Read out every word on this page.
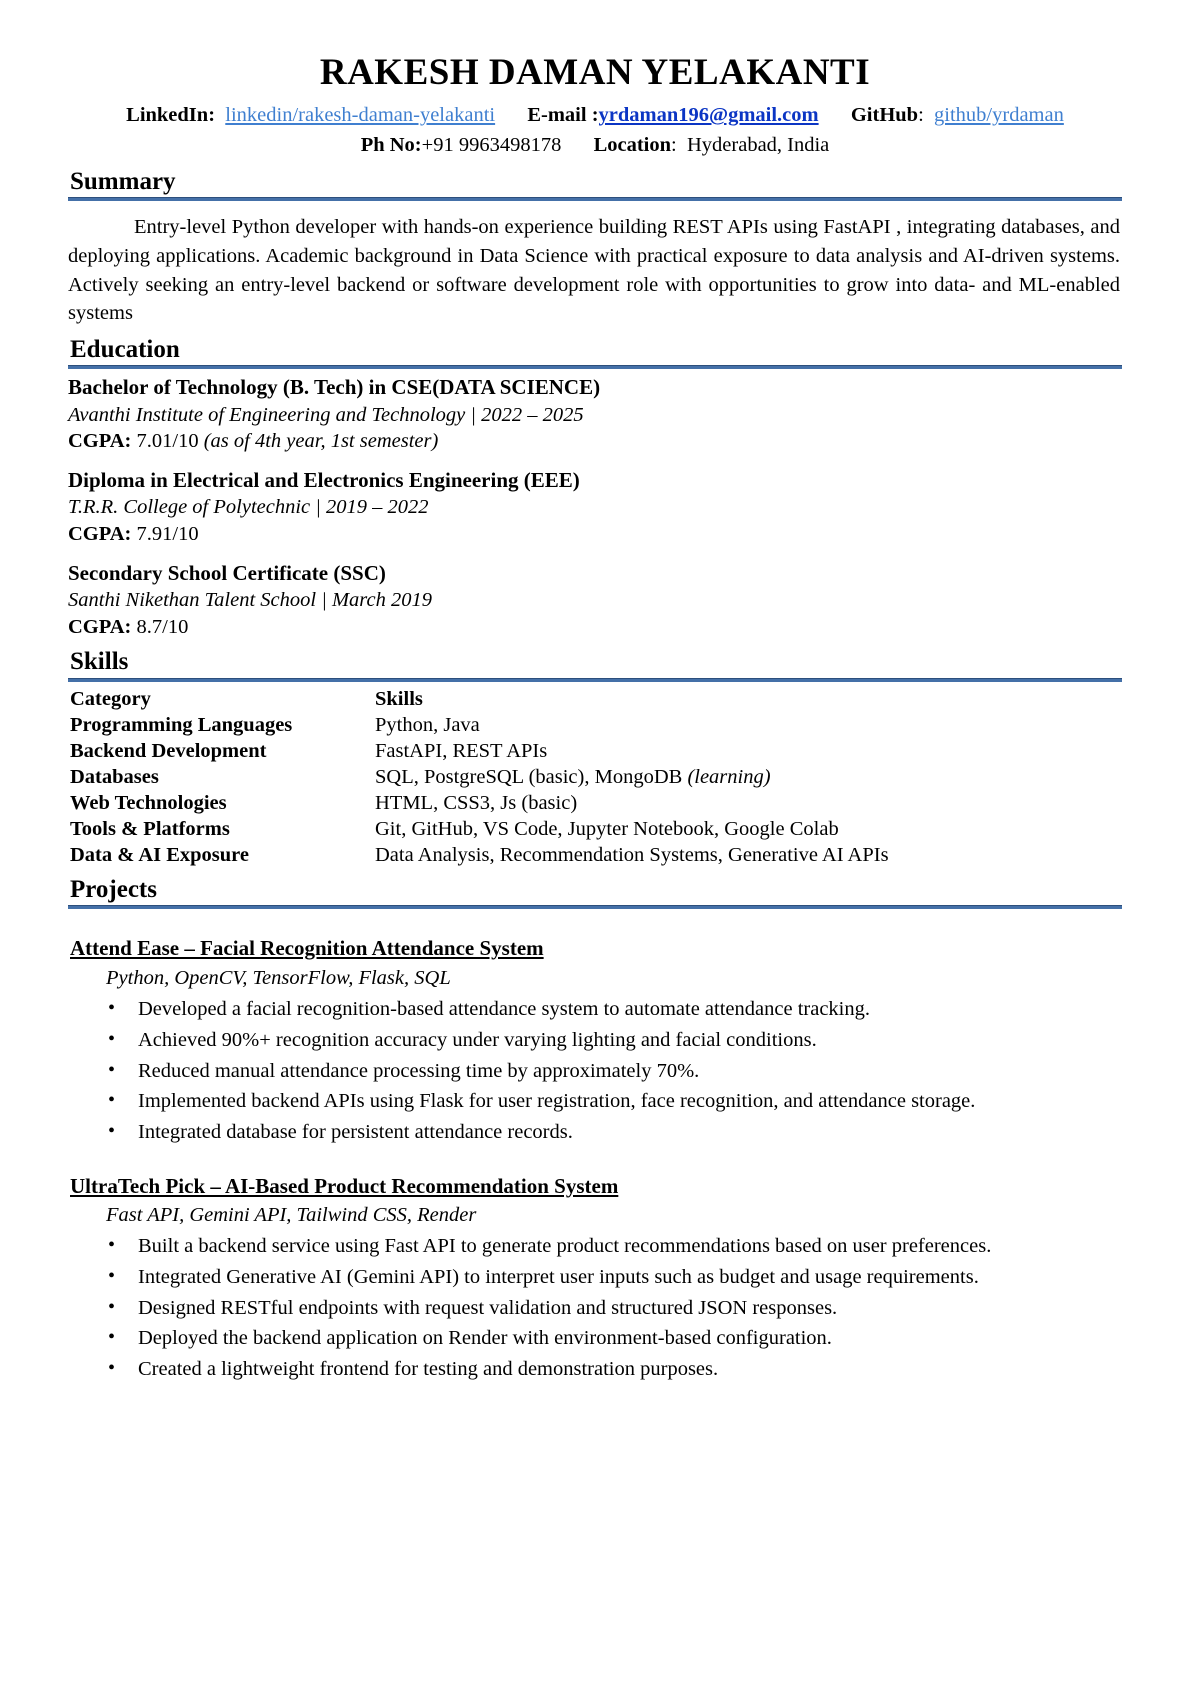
RAKESH DAMAN YELAKANTI
LinkedIn: linkedin/rakesh-daman-yelakanti E-mail :yrdaman196@gmail.com GitHub: github/yrdaman
Ph No:+91 9963498178 Location: Hyderabad, India
Summary
Entry-level Python developer with hands-on experience building REST APIs using FastAPI , integrating databases, and deploying applications. Academic background in Data Science with practical exposure to data analysis and AI-driven systems. Actively seeking an entry-level backend or software development role with opportunities to grow into data- and ML-enabled systems
Education
Bachelor of Technology (B. Tech) in CSE(DATA SCIENCE)
Avanthi Institute of Engineering and Technology | 2022 – 2025
CGPA: 7.01/10 (as of 4th year, 1st semester)
Diploma in Electrical and Electronics Engineering (EEE)
T.R.R. College of Polytechnic | 2019 – 2022
CGPA: 7.91/10
Secondary School Certificate (SSC)
Santhi Nikethan Talent School | March 2019
CGPA: 8.7/10
Skills
Category	Skills
Programming Languages	Python, Java
Backend Development	FastAPI, REST APIs
Databases	SQL, PostgreSQL (basic), MongoDB (learning)
Web Technologies	HTML, CSS3, Js (basic)
Tools & Platforms	Git, GitHub, VS Code, Jupyter Notebook, Google Colab
Data & AI Exposure	Data Analysis, Recommendation Systems, Generative AI APIs
Projects
Attend Ease – Facial Recognition Attendance System
Python, OpenCV, TensorFlow, Flask, SQL
• Developed a facial recognition-based attendance system to automate attendance tracking.
• Achieved 90%+ recognition accuracy under varying lighting and facial conditions.
• Reduced manual attendance processing time by approximately 70%.
• Implemented backend APIs using Flask for user registration, face recognition, and attendance storage.
• Integrated database for persistent attendance records.
UltraTech Pick – AI-Based Product Recommendation System
Fast API, Gemini API, Tailwind CSS, Render
• Built a backend service using Fast API to generate product recommendations based on user preferences.
• Integrated Generative AI (Gemini API) to interpret user inputs such as budget and usage requirements.
• Designed RESTful endpoints with request validation and structured JSON responses.
• Deployed the backend application on Render with environment-based configuration.
• Created a lightweight frontend for testing and demonstration purposes.
